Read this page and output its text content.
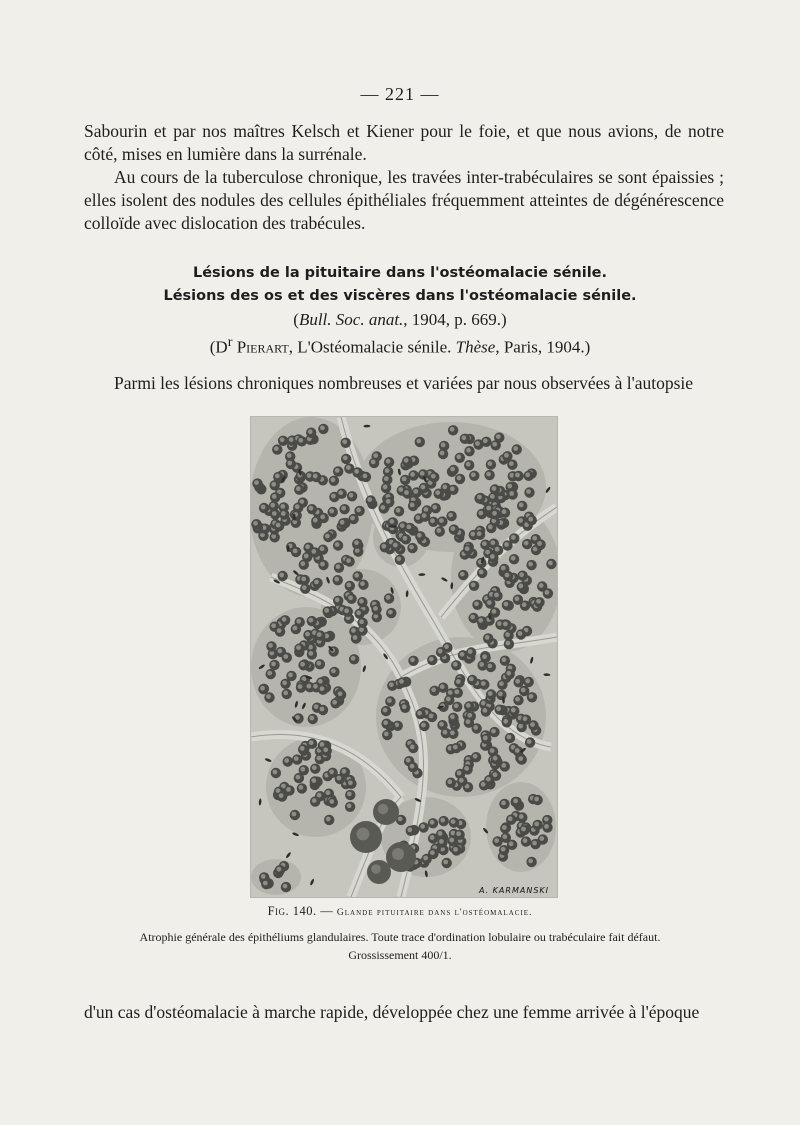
— 221 —

Sabourin et par nos maîtres Kelsch et Kiener pour le foie, et que nous avions, de notre côté, mises en lumière dans la surrénale.

Au cours de la tuberculose chronique, les travées inter-trabéculaires se sont épaissies ; elles isolent des nodules des cellules épithéliales fréquemment atteintes de dégénérescence colloïde avec dislocation des trabécules.

Lésions de la pituitaire dans l'ostéomalacie sénile.
Lésions des os et des viscères dans l'ostéomalacie sénile.
(Bull. Soc. anat., 1904, p. 669.)
($D^r$ Pierart, L'Ostéomalacie sénile. Thèse, Paris, 1904.)
Parmi les lésions chroniques nombreuses et variées par nous observées à l'autopsie
A. KARMANSKI
Fig. 140. — Glande pituitaire dans l'ostéomalacie.
Atrophie générale des épithéliums glandulaires. Toute trace d'ordination lobulaire ou trabéculaire fait défaut.
Grossissement 400/1.
d'un cas d'ostéomalacie à marche rapide, développée chez une femme arrivée à l'époque
